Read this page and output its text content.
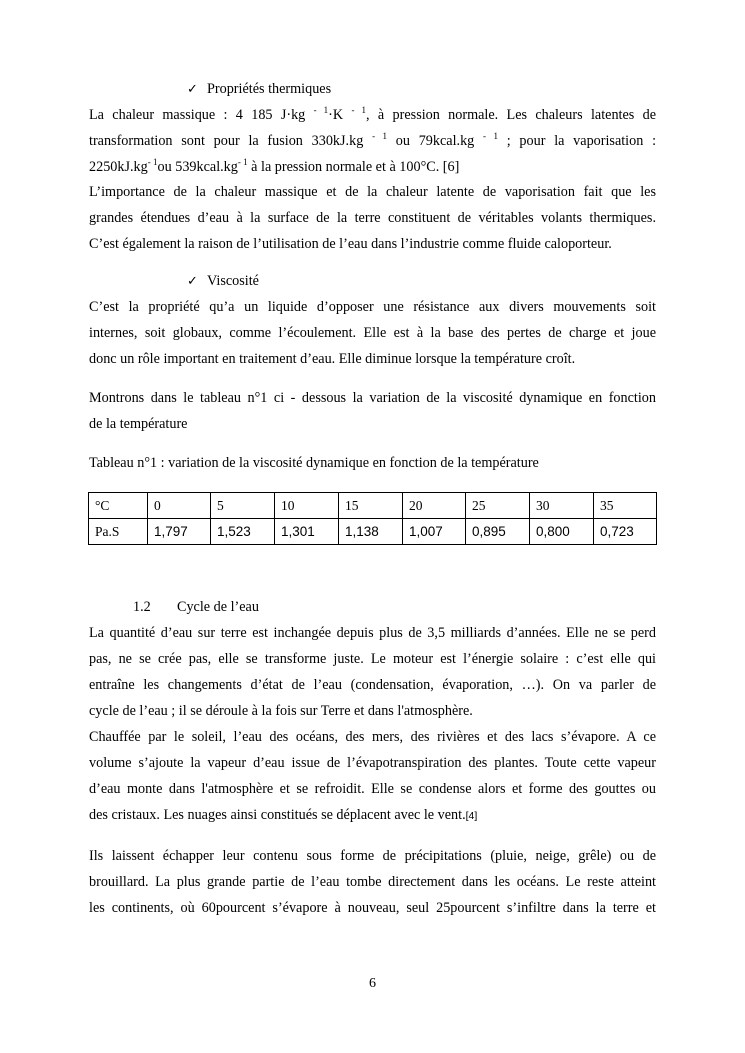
✓ Propriétés thermiques
La chaleur massique : 4 185 J·kg $^{- 1}$·K $^{- 1}$, à pression normale. Les chaleurs latentes de
transformation sont pour la fusion 330kJ.kg $^{- 1}$ ou 79kcal.kg $^{- 1}$ ; pour la vaporisation :
$2250kJ.kg^{- 1}ou$ $539kcal.kg^{- 1}$ à la pression normale et à 100°C. [6]
L’importance de la chaleur massique et de la chaleur latente de vaporisation fait que les
grandes étendues d’eau à la surface de la terre constituent de véritables volants thermiques.
C’est également la raison de l’utilisation de l’eau dans l’industrie comme fluide caloporteur.
✓ Viscosité
C’est la propriété qu’a un liquide d’opposer une résistance aux divers mouvements soit
internes, soit globaux, comme l’écoulement. Elle est à la base des pertes de charge et joue
donc un rôle important en traitement d’eau. Elle diminue lorsque la température croît.
Montrons dans le tableau n°1 ci - dessous la variation de la viscosité dynamique en fonction
de la température
Tableau n°1 : variation de la viscosité dynamique en fonction de la température
°C	0	5	10	15	20	25	30	35
Pa.S	1,797	1,523	1,301	1,138	1,007	0,895	0,800	0,723
1.2 Cycle de l’eau
La quantité d’eau sur terre est inchangée depuis plus de 3,5 milliards d’années. Elle ne se perd
pas, ne se crée pas, elle se transforme juste. Le moteur est l’énergie solaire : c’est elle qui
entraîne les changements d’état de l’eau (condensation, évaporation, …). On va parler de
cycle de l’eau ; il se déroule à la fois sur Terre et dans l'atmosphère.
Chauffée par le soleil, l’eau des océans, des mers, des rivières et des lacs s’évapore. A ce
volume s’ajoute la vapeur d’eau issue de l’évapotranspiration des plantes. Toute cette vapeur
d’eau monte dans l'atmosphère et se refroidit. Elle se condense alors et forme des gouttes ou
des cristaux. Les nuages ainsi constitués se déplacent avec le vent.[4]
Ils laissent échapper leur contenu sous forme de précipitations (pluie, neige, grêle) ou de
brouillard. La plus grande partie de l’eau tombe directement dans les océans. Le reste atteint
les continents, où 60pourcent s’évapore à nouveau, seul 25pourcent s’infiltre dans la terre et
6
